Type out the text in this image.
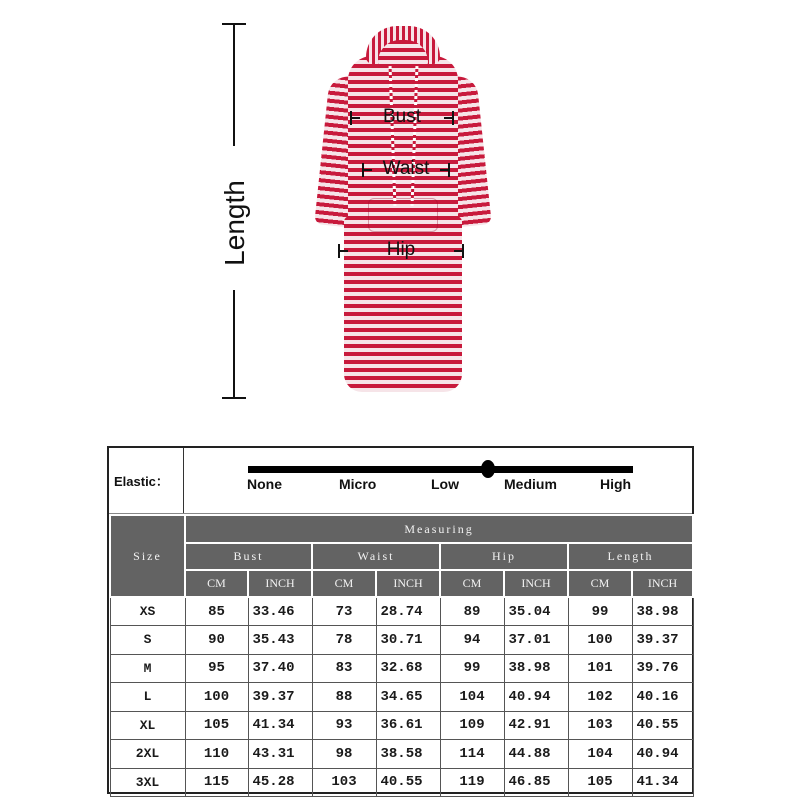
Length
Bust
Waist
Hip
Elastic：	None	Micro	Low	Medium	High
Size	Measuring							
	Bust		Waist		Hip		Length	
	CM	INCH	CM	INCH	CM	INCH	CM	INCH
XS	85	33.46	73	28.74	89	35.04	99	38.98
S	90	35.43	78	30.71	94	37.01	100	39.37
M	95	37.40	83	32.68	99	38.98	101	39.76
L	100	39.37	88	34.65	104	40.94	102	40.16
XL	105	41.34	93	36.61	109	42.91	103	40.55
2XL	110	43.31	98	38.58	114	44.88	104	40.94
3XL	115	45.28	103	40.55	119	46.85	105	41.34
